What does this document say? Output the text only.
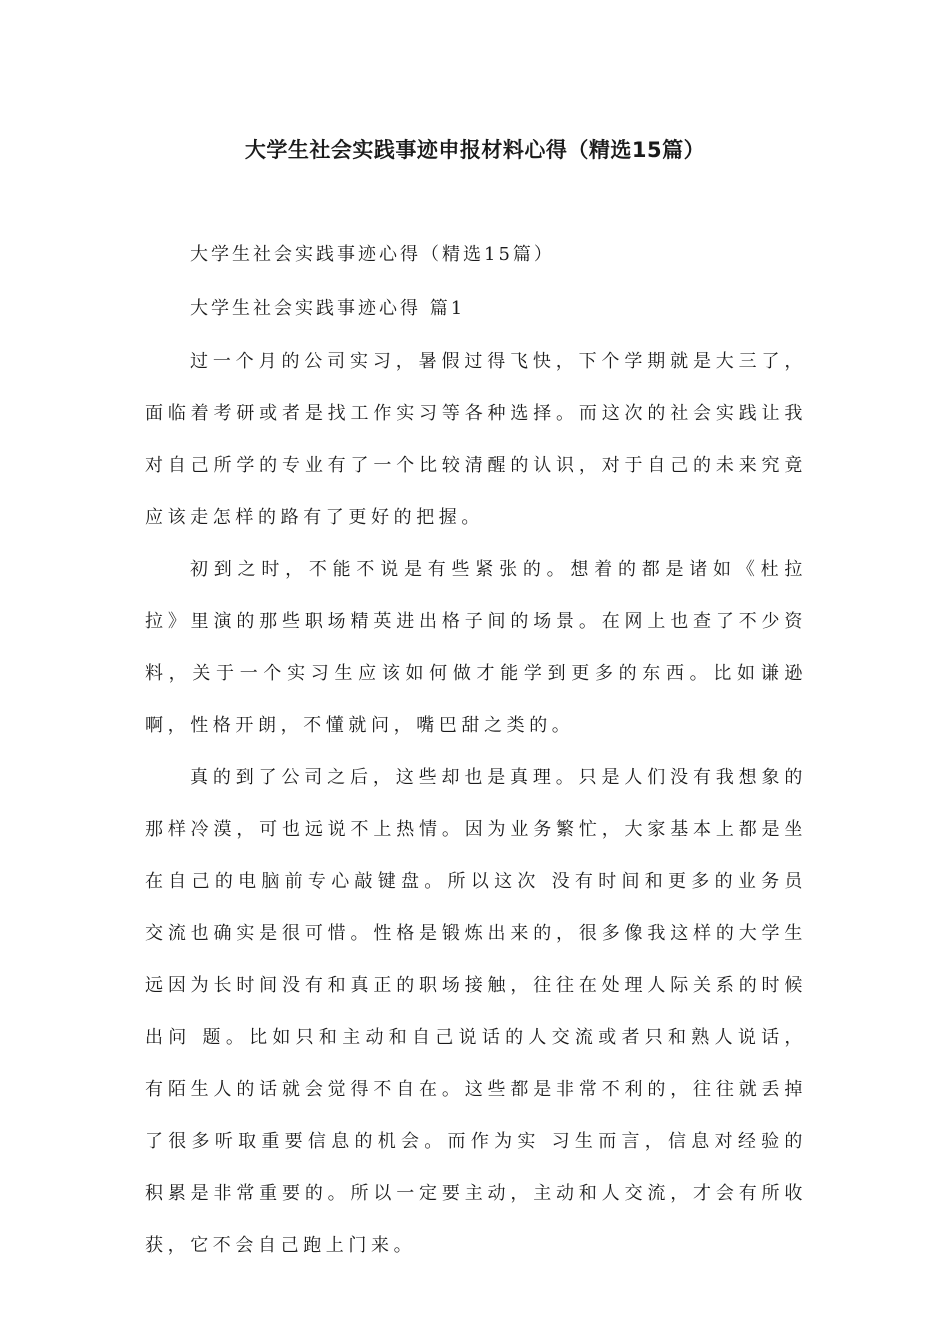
大学生社会实践事迹申报材料心得（精选15篇）

大学生社会实践事迹心得（精选15篇）

大学生社会实践事迹心得 篇1

过一个月的公司实习，暑假过得飞快，下个学期就是大三了，面临着考研或者是找工作实习等各种选择。而这次的社会实践让我对自己所学的专业有了一个比较清醒的认识，对于自己的未来究竟应该走怎样的路有了更好的把握。

初到之时，不能不说是有些紧张的。想着的都是诸如《杜拉拉》里演的那些职场精英进出格子间的场景。在网上也查了不少资料，关于一个实习生应该如何做才能学到更多的东西。比如谦逊啊，性格开朗，不懂就问，嘴巴甜之类的。

真的到了公司之后，这些却也是真理。只是人们没有我想象的那样冷漠，可也远说不上热情。因为业务繁忙，大家基本上都是坐在自己的电脑前专心敲键盘。所以这次 没有时间和更多的业务员交流也确实是很可惜。性格是锻炼出来的，很多像我这样的大学生远因为长时间没有和真正的职场接触，往往在处理人际关系的时候出问 题。比如只和主动和自己说话的人交流或者只和熟人说话，有陌生人的话就会觉得不自在。这些都是非常不利的，往往就丢掉了很多听取重要信息的机会。而作为实 习生而言，信息对经验的积累是非常重要的。所以一定要主动，主动和人交流，才会有所收获，它不会自己跑上门来。
